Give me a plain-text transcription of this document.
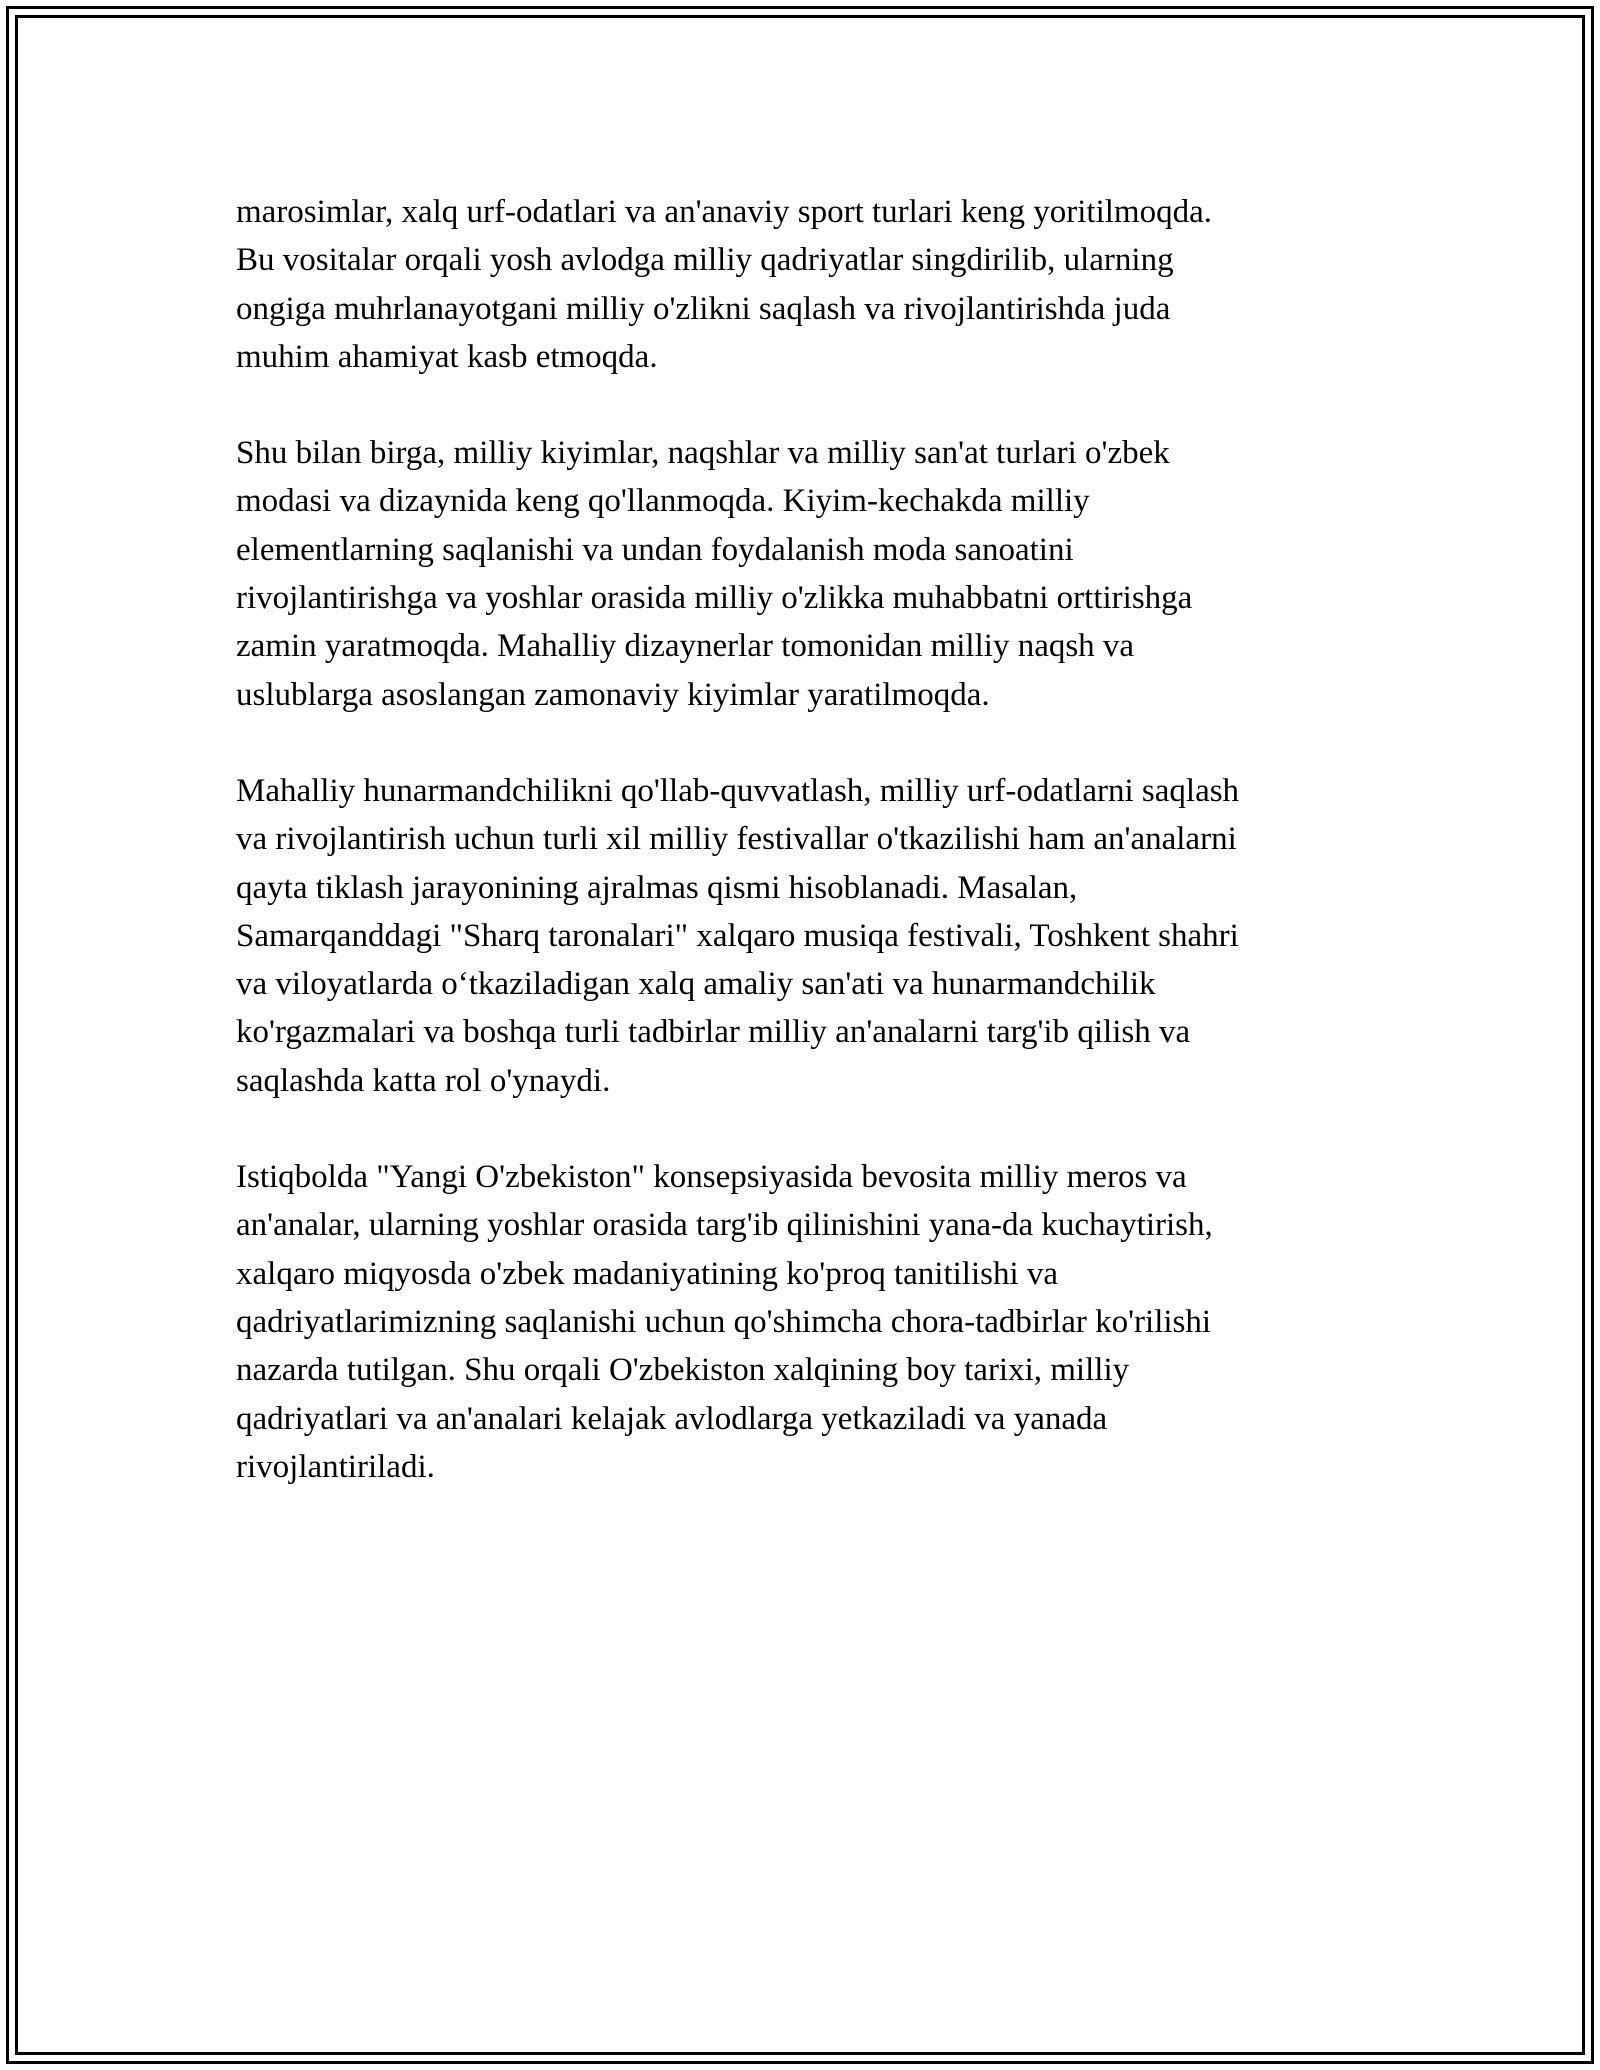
marosimlar, xalq urf-odatlari va an'anaviy sport turlari keng yoritilmoqda.
Bu vositalar orqali yosh avlodga milliy qadriyatlar singdirilib, ularning
ongiga muhrlanayotgani milliy o'zlikni saqlash va rivojlantirishda juda
muhim ahamiyat kasb etmoqda.

Shu bilan birga, milliy kiyimlar, naqshlar va milliy san'at turlari o'zbek
modasi va dizaynida keng qo'llanmoqda. Kiyim-kechakda milliy
elementlarning saqlanishi va undan foydalanish moda sanoatini
rivojlantirishga va yoshlar orasida milliy o'zlikka muhabbatni orttirishga
zamin yaratmoqda. Mahalliy dizaynerlar tomonidan milliy naqsh va
uslublarga asoslangan zamonaviy kiyimlar yaratilmoqda.

Mahalliy hunarmandchilikni qo'llab-quvvatlash, milliy urf-odatlarni saqlash
va rivojlantirish uchun turli xil milliy festivallar o'tkazilishi ham an'analarni
qayta tiklash jarayonining ajralmas qismi hisoblanadi. Masalan,
Samarqanddagi "Sharq taronalari" xalqaro musiqa festivali, Toshkent shahri
va viloyatlarda o‘tkaziladigan xalq amaliy san'ati va hunarmandchilik
ko'rgazmalari va boshqa turli tadbirlar milliy an'analarni targ'ib qilish va
saqlashda katta rol o'ynaydi.

Istiqbolda "Yangi O'zbekiston" konsepsiyasida bevosita milliy meros va
an'analar, ularning yoshlar orasida targ'ib qilinishini yana-da kuchaytirish,
xalqaro miqyosda o'zbek madaniyatining ko'proq tanitilishi va
qadriyatlarimizning saqlanishi uchun qo'shimcha chora-tadbirlar ko'rilishi
nazarda tutilgan. Shu orqali O'zbekiston xalqining boy tarixi, milliy
qadriyatlari va an'analari kelajak avlodlarga yetkaziladi va yanada
rivojlantiriladi.
